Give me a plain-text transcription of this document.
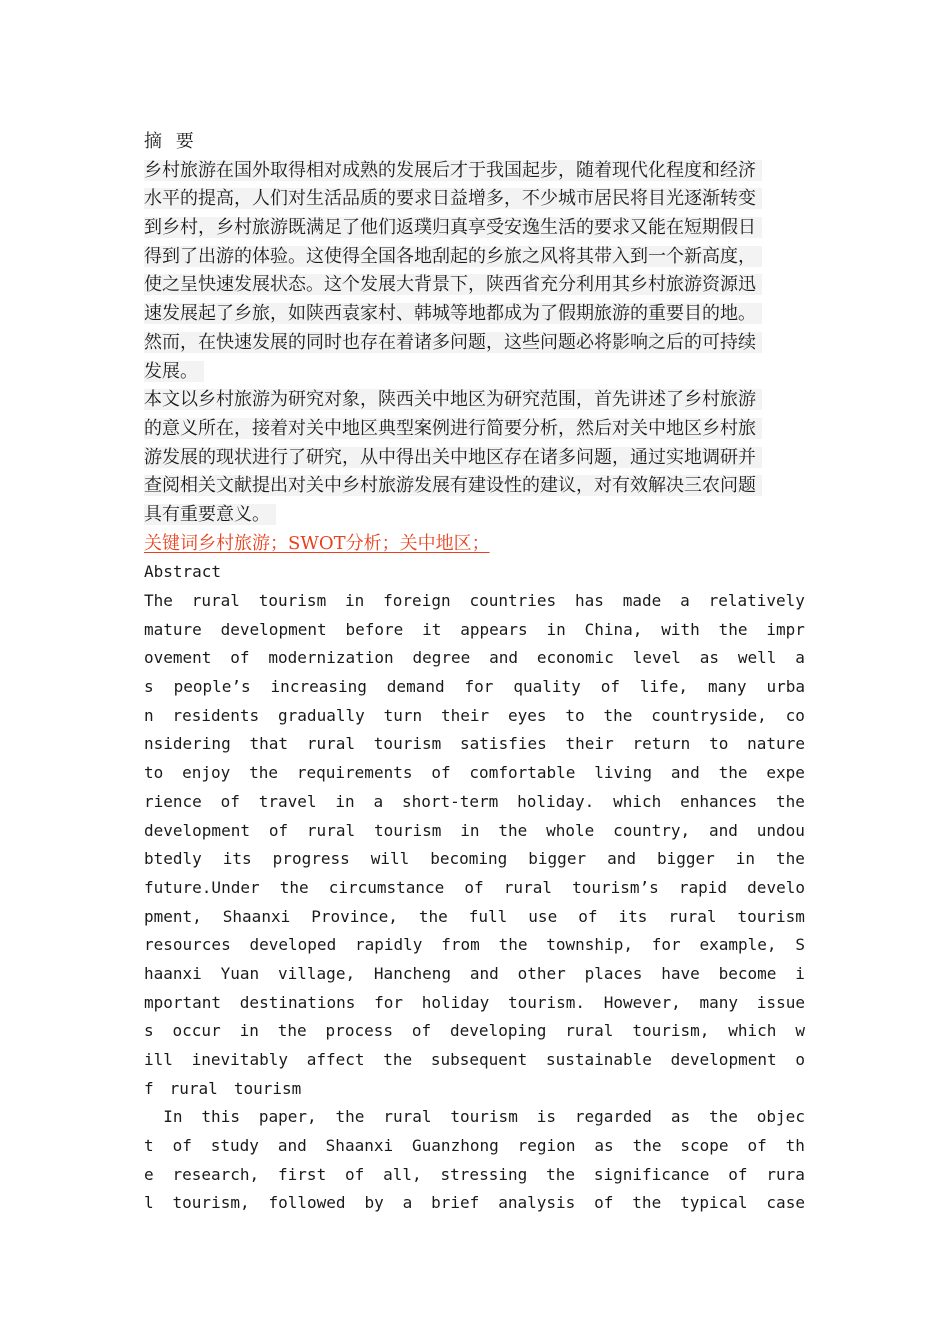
摘 要
乡村旅游在国外取得相对成熟的发展后才于我国起步，随着现代化程度和经济
水平的提高，人们对生活品质的要求日益增多，不少城市居民将目光逐渐转变
到乡村，乡村旅游既满足了他们返璞归真享受安逸生活的要求又能在短期假日
得到了出游的体验。这使得全国各地刮起的乡旅之风将其带入到一个新高度，
使之呈快速发展状态。这个发展大背景下，陕西省充分利用其乡村旅游资源迅
速发展起了乡旅，如陕西袁家村、韩城等地都成为了假期旅游的重要目的地。
然而，在快速发展的同时也存在着诸多问题，这些问题必将影响之后的可持续
发展。
本文以乡村旅游为研究对象，陕西关中地区为研究范围，首先讲述了乡村旅游
的意义所在，接着对关中地区典型案例进行简要分析，然后对关中地区乡村旅
游发展的现状进行了研究，从中得出关中地区存在诸多问题，通过实地调研并
查阅相关文献提出对关中乡村旅游发展有建设性的建议，对有效解决三农问题
具有重要意义。
关键词乡村旅游；SWOT分析；关中地区；
Abstract
The rural tourism in foreign countries has made a relatively
mature development before it appears in China, with the impr
ovement of modernization degree and economic level as well a
s people’s increasing demand for quality of life, many urba
n residents gradually turn their eyes to the countryside, co
nsidering that rural tourism satisfies their return to nature
to enjoy the requirements of comfortable living and the expe
rience of travel in a short-term holiday. which enhances the
development of rural tourism in the whole country, and undou
btedly its progress will becoming bigger and bigger in the
future.Under the circumstance of rural tourism’s rapid develo
pment, Shaanxi Province, the full use of its rural tourism
resources developed rapidly from the township, for example, S
haanxi Yuan village, Hancheng and other places have become i
mportant destinations for holiday tourism. However, many issue
s occur in the process of developing rural tourism, which w
ill inevitably affect the subsequent sustainable development o
f rural tourism
In this paper, the rural tourism is regarded as the objec
t of study and Shaanxi Guanzhong region as the scope of th
e research, first of all, stressing the significance of rura
l tourism, followed by a brief analysis of the typical case
